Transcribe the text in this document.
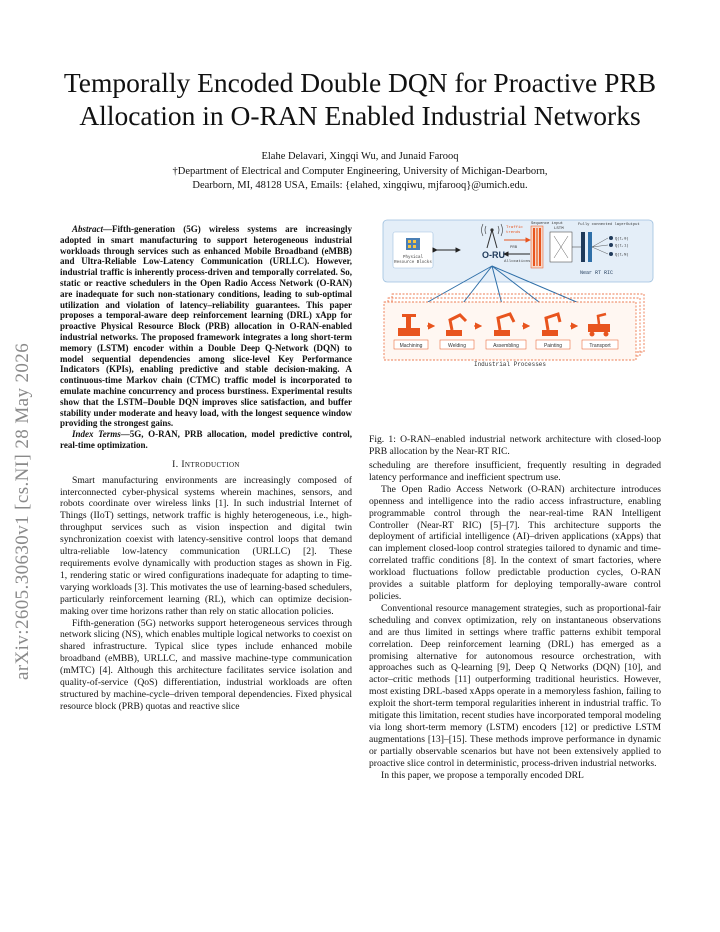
arXiv:2605.30630v1 [cs.NI] 28 May 2026
Temporally Encoded Double DQN for Proactive PRB Allocation in O-RAN Enabled Industrial Networks
Elahe Delavari, Xingqi Wu, and Junaid Farooq
†Department of Electrical and Computer Engineering, University of Michigan-Dearborn,
Dearborn, MI, 48128 USA, Emails: {elahed, xingqiwu, mjfarooq}@umich.edu.

Abstract—Fifth-generation (5G) wireless systems are increasingly adopted in smart manufacturing to support heterogeneous industrial workloads through services such as enhanced Mobile Broadband (eMBB) and Ultra-Reliable Low-Latency Communication (URLLC). However, industrial traffic is inherently process-driven and temporally correlated. So, static or reactive schedulers in the Open Radio Access Network (O-RAN) are inadequate for such non-stationary conditions, leading to sub-optimal utilization and violation of latency–reliability guarantees. This paper proposes a temporal-aware deep reinforcement learning (DRL) xApp for proactive Physical Resource Block (PRB) allocation in O-RAN-enabled industrial networks. The proposed framework integrates a long short-term memory (LSTM) encoder within a Double Deep Q-Network (DQN) to model sequential dependencies among slice-level Key Performance Indicators (KPIs), enabling predictive and stable decision-making. A continuous-time Markov chain (CTMC) traffic model is incorporated to emulate machine concurrency and process burstiness. Experimental results show that the LSTM–Double DQN improves slice satisfaction, and buffer stability under moderate and heavy load, with the longest sequence window providing the strongest gains.

Index Terms—5G, O-RAN, PRB allocation, model predictive control, real-time optimization.

I. Introduction

Smart manufacturing environments are increasingly composed of interconnected cyber-physical systems wherein machines, sensors, and robots coordinate over wireless links [1]. In such industrial Internet of Things (IIoT) settings, network traffic is highly heterogeneous, i.e., high-throughput services such as vision inspection and digital twin synchronization coexist with latency-sensitive control loops that demand ultra-reliable low-latency communication (URLLC) [2]. These requirements evolve dynamically with production stages as shown in Fig. 1, rendering static or wired configurations inadequate for adapting to time-varying workloads [3]. This motivates the use of learning-based schedulers, particularly reinforcement learning (RL), which can optimize decision-making over time horizons rather than rely on static allocation policies.

Fifth-generation (5G) networks support heterogeneous services through network slicing (NS), which enables multiple logical networks to coexist on shared infrastructure. Typical slice types include enhanced mobile broadband (eMBB), URLLC, and massive machine-type communication (mMTC) [4]. Although this architecture facilitates service isolation and quality-of-service (QoS) differentiation, industrial workloads are often structured by machine-cycle–driven temporal dependencies. Fixed physical resource block (PRB) quotas and reactive slice

Physical
Resource Blocks
O-RU
Traffic
trends
PRB
Allocations
Sequence input
LSTM
Fully connected layer Output
Q(t,0)
Q(t,1)
Q(t,N)
Near RT RIC
Machining	Welding	Assembling	Painting	Transport
Industrial Processes
Fig. 1: O-RAN–enabled industrial network architecture with closed-loop PRB allocation by the Near-RT RIC.

scheduling are therefore insufficient, frequently resulting in degraded latency performance and inefficient spectrum use.

The Open Radio Access Network (O-RAN) architecture introduces openness and intelligence into the radio access infrastructure, enabling programmable control through the near-real-time RAN Intelligent Controller (Near-RT RIC) [5]–[7]. This architecture supports the deployment of artificial intelligence (AI)–driven applications (xApps) that can implement closed-loop control strategies tailored to dynamic and time-correlated traffic conditions [8]. In the context of smart factories, where workload fluctuations follow predictable production cycles, O-RAN provides a suitable platform for deploying temporally-aware control policies.

Conventional resource management strategies, such as proportional-fair scheduling and convex optimization, rely on instantaneous observations and are thus limited in settings where traffic patterns exhibit temporal correlation. Deep reinforcement learning (DRL) has emerged as a promising alternative for autonomous resource orchestration, with approaches such as Q-learning [9], Deep Q Networks (DQN) [10], and actor–critic methods [11] outperforming traditional heuristics. However, most existing DRL-based xApps operate in a memoryless fashion, failing to exploit the short-term temporal regularities inherent in industrial traffic. To mitigate this limitation, recent studies have incorporated temporal modeling via long short-term memory (LSTM) encoders [12] or predictive LSTM augmentations [13]–[15]. These methods improve performance in dynamic or partially observable scenarios but have not been extensively applied to proactive slice control in deterministic, process-driven industrial networks.

In this paper, we propose a temporally encoded DRL
